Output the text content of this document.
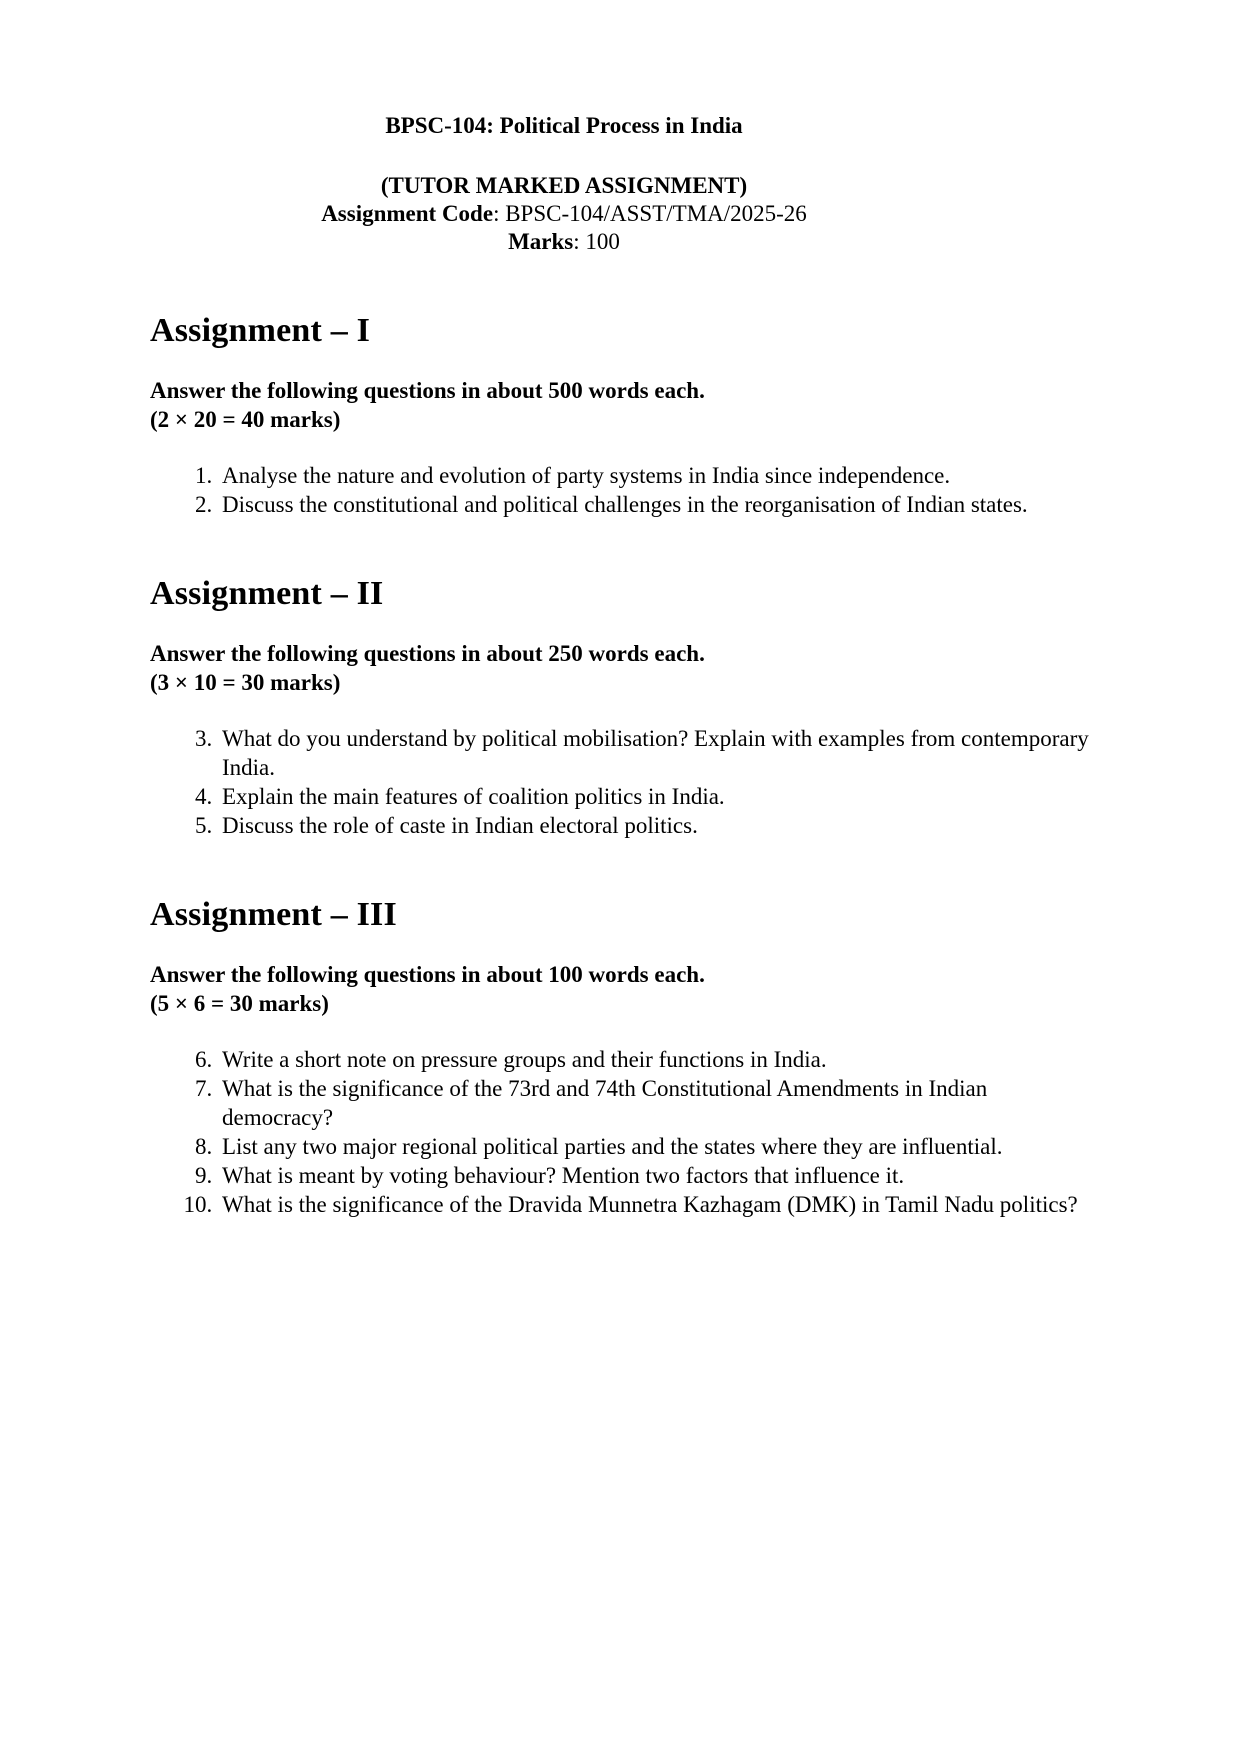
BPSC-104: Political Process in India

(TUTOR MARKED ASSIGNMENT)

Assignment Code: BPSC-104/ASST/TMA/2025-26

Marks: 100

Assignment – I

Answer the following questions in about 500 words each.

(2 × 20 = 40 marks)

1. Analyse the nature and evolution of party systems in India since independence.
2. Discuss the constitutional and political challenges in the reorganisation of Indian states.
Assignment – II

Answer the following questions in about 250 words each.

(3 × 10 = 30 marks)

3. What do you understand by political mobilisation? Explain with examples from contemporary India.
4. Explain the main features of coalition politics in India.
5. Discuss the role of caste in Indian electoral politics.
Assignment – III

Answer the following questions in about 100 words each.

(5 × 6 = 30 marks)

6. Write a short note on pressure groups and their functions in India.
7. What is the significance of the 73rd and 74th Constitutional Amendments in Indian democracy?
8. List any two major regional political parties and the states where they are influential.
9. What is meant by voting behaviour? Mention two factors that influence it.
10. What is the significance of the Dravida Munnetra Kazhagam (DMK) in Tamil Nadu politics?
